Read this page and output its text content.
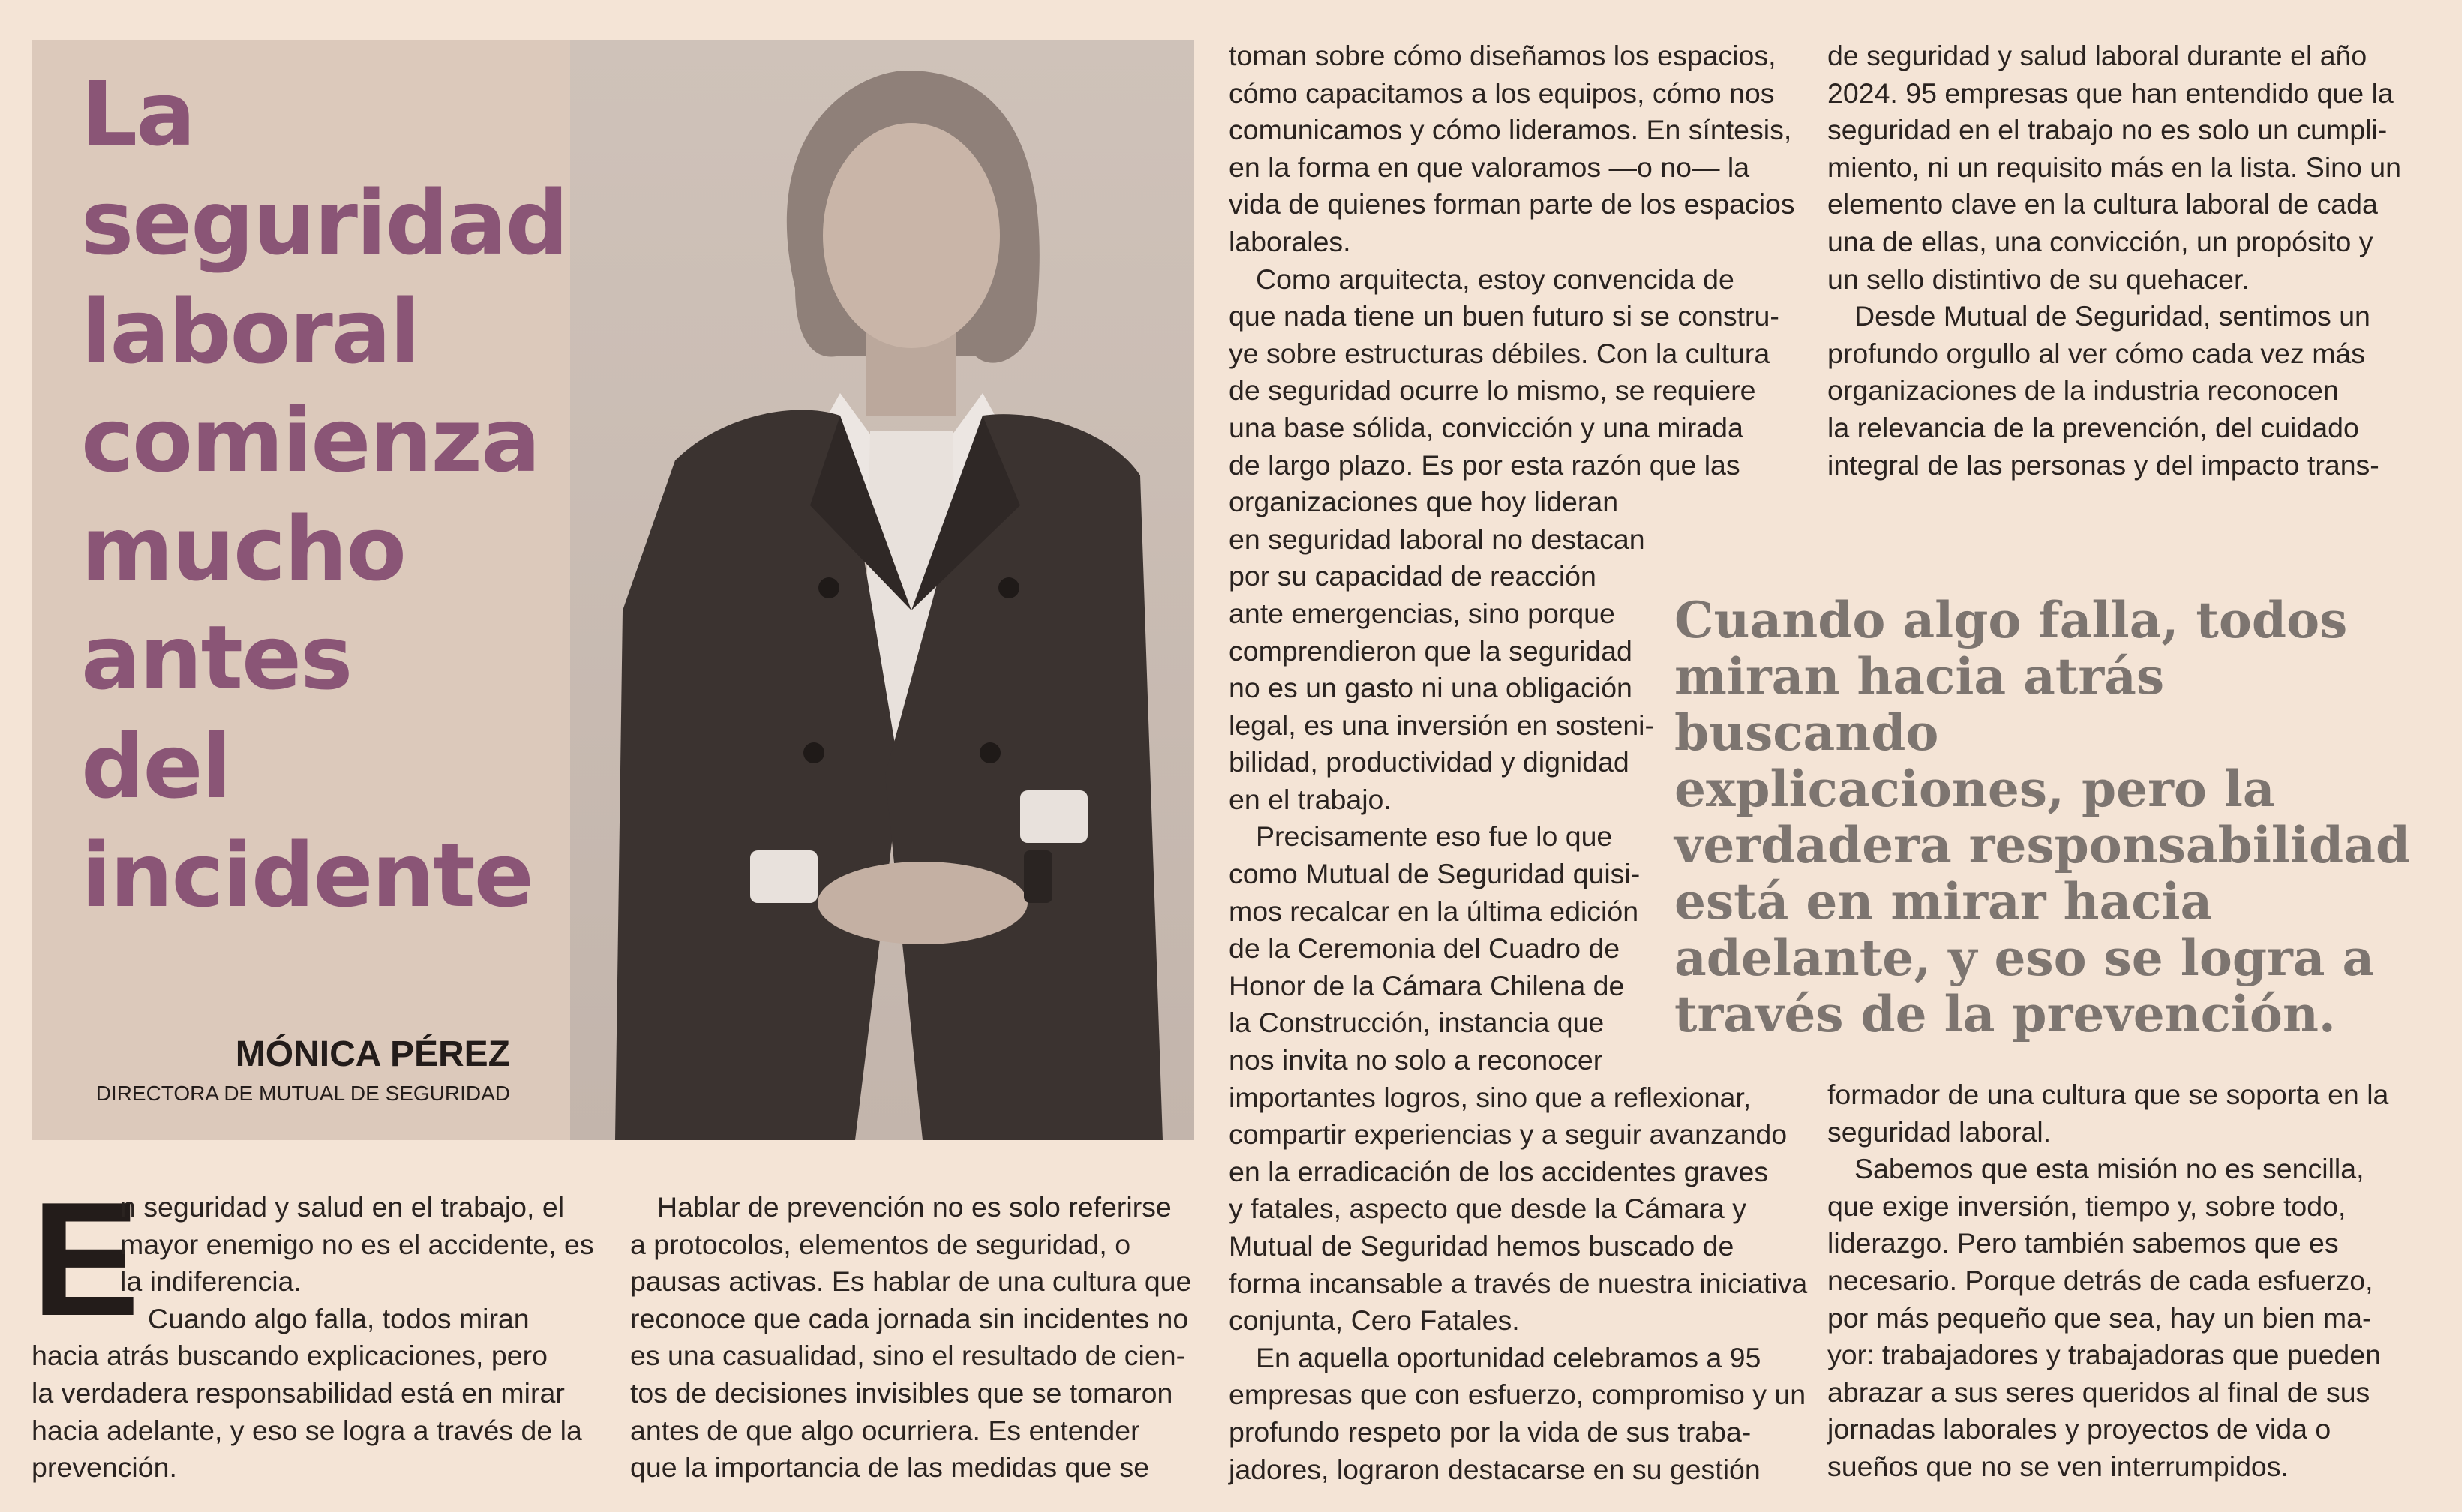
La seguridad
laboral
comienza
mucho antes
del incidente
MÓNICA PÉREZ
DIRECTORA DE MUTUAL DE SEGURIDAD
E

n seguridad y salud en el trabajo, el

mayor enemigo no es el accidente, es

la indiferencia.

Cuando algo falla, todos miran

hacia atrás buscando explicaciones, pero

la verdadera responsabilidad está en mirar

hacia adelante, y eso se logra a través de la

prevención.

Hablar de prevención no es solo referirse

a protocolos, elementos de seguridad, o

pausas activas. Es hablar de una cultura que

reconoce que cada jornada sin incidentes no

es una casualidad, sino el resultado de cien-

tos de decisiones invisibles que se tomaron

antes de que algo ocurriera. Es entender

que la importancia de las medidas que se

toman sobre cómo diseñamos los espacios,

cómo capacitamos a los equipos, cómo nos

comunicamos y cómo lideramos. En síntesis,

en la forma en que valoramos —o no— la

vida de quienes forman parte de los espacios

laborales.

Como arquitecta, estoy convencida de

que nada tiene un buen futuro si se constru-

ye sobre estructuras débiles. Con la cultura

de seguridad ocurre lo mismo, se requiere

una base sólida, convicción y una mirada

de largo plazo. Es por esta razón que las

organizaciones que hoy lideran

en seguridad laboral no destacan

por su capacidad de reacción

ante emergencias, sino porque

comprendieron que la seguridad

no es un gasto ni una obligación

legal, es una inversión en sosteni-

bilidad, productividad y dignidad

en el trabajo.

Precisamente eso fue lo que

como Mutual de Seguridad quisi-

mos recalcar en la última edición

de la Ceremonia del Cuadro de

Honor de la Cámara Chilena de

la Construcción, instancia que

nos invita no solo a reconocer

importantes logros, sino que a reflexionar,

compartir experiencias y a seguir avanzando

en la erradicación de los accidentes graves

y fatales, aspecto que desde la Cámara y

Mutual de Seguridad hemos buscado de

forma incansable a través de nuestra iniciativa

conjunta, Cero Fatales.

En aquella oportunidad celebramos a 95

empresas que con esfuerzo, compromiso y un

profundo respeto por la vida de sus traba-

jadores, lograron destacarse en su gestión

de seguridad y salud laboral durante el año

2024. 95 empresas que han entendido que la

seguridad en el trabajo no es solo un cumpli-

miento, ni un requisito más en la lista. Sino un

elemento clave en la cultura laboral de cada

una de ellas, una convicción, un propósito y

un sello distintivo de su quehacer.

Desde Mutual de Seguridad, sentimos un

profundo orgullo al ver cómo cada vez más

organizaciones de la industria reconocen

la relevancia de la prevención, del cuidado

integral de las personas y del impacto trans-

Cuando algo falla, todos
miran hacia atrás buscando
explicaciones, pero la
verdadera responsabilidad
está en mirar hacia
adelante, y eso se logra a
través de la prevención.

formador de una cultura que se soporta en la

seguridad laboral.

Sabemos que esta misión no es sencilla,

que exige inversión, tiempo y, sobre todo,

liderazgo. Pero también sabemos que es

necesario. Porque detrás de cada esfuerzo,

por más pequeño que sea, hay un bien ma-

yor: trabajadores y trabajadoras que pueden

abrazar a sus seres queridos al final de sus

jornadas laborales y proyectos de vida o

sueños que no se ven interrumpidos.
